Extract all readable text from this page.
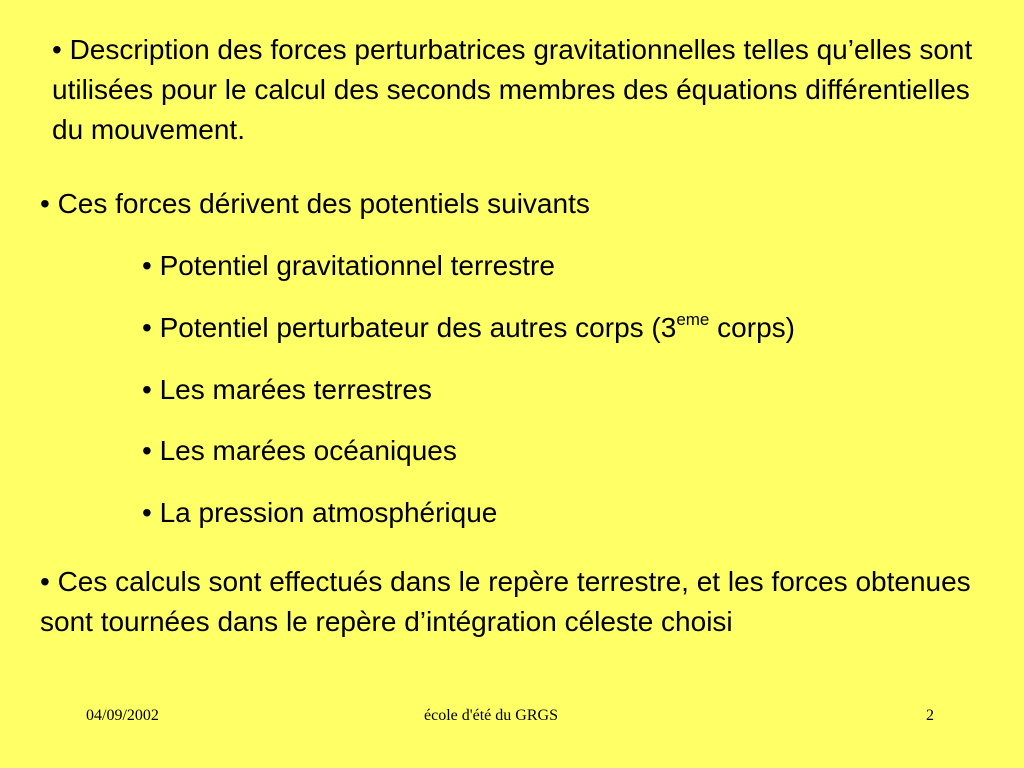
• Description des forces perturbatrices gravitationnelles telles qu’elles sont utilisées pour le calcul des seconds membres des équations différentielles du mouvement.

• Ces forces dérivent des potentiels suivants

• Potentiel gravitationnel terrestre
• Potentiel perturbateur des autres corps (3eme corps)
• Les marées terrestres
• Les marées océaniques
• La pression atmosphérique

• Ces calculs sont effectués dans le repère terrestre, et les forces obtenues sont tournées dans le repère d’intégration céleste choisi

04/09/2002	école d'été du GRGS	2
